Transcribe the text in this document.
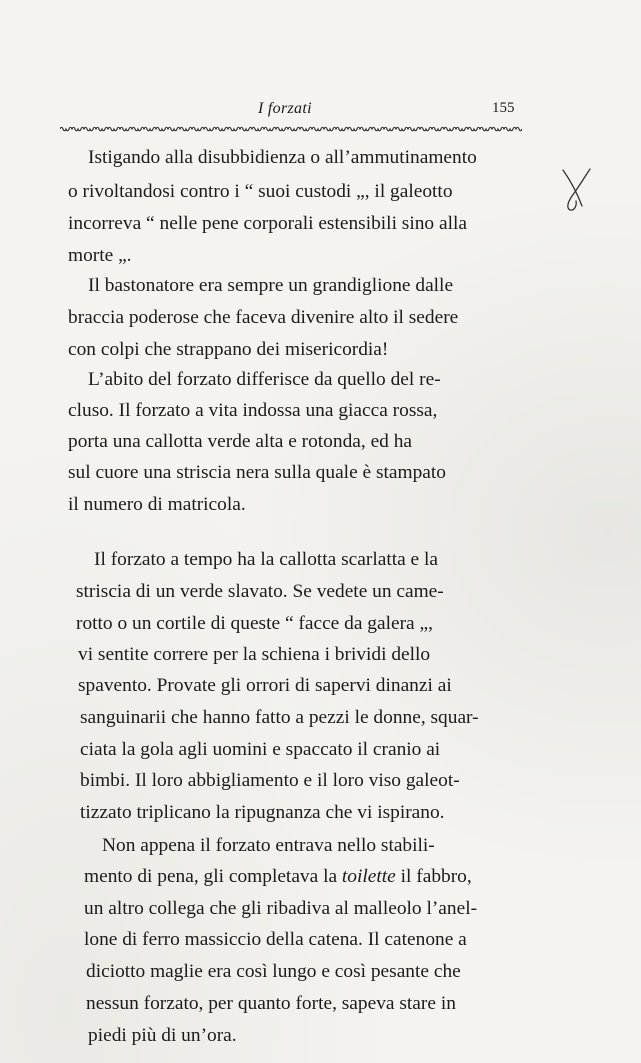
I forzati	155
Istigando alla disubbidienza o all’ammutinamento
o rivoltandosi contro i “ suoi custodi „, il galeotto
incorreva “ nelle pene corporali estensibili sino alla
morte „.
Il bastonatore era sempre un grandiglione dalle
braccia poderose che faceva divenire alto il sedere
con colpi che strappano dei misericordia!
L’abito del forzato differisce da quello del re-
cluso. Il forzato a vita indossa una giacca rossa,
porta una callotta verde alta e rotonda, ed ha
sul cuore una striscia nera sulla quale è stampato
il numero di matricola.
Il forzato a tempo ha la callotta scarlatta e la
striscia di un verde slavato. Se vedete un came-
rotto o un cortile di queste “ facce da galera „,
vi sentite correre per la schiena i brividi dello
spavento. Provate gli orrori di sapervi dinanzi ai
sanguinarii che hanno fatto a pezzi le donne, squar-
ciata la gola agli uomini e spaccato il cranio ai
bimbi. Il loro abbigliamento e il loro viso galeot-
tizzato triplicano la ripugnanza che vi ispirano.
Non appena il forzato entrava nello stabili-
mento di pena, gli completava la toilette il fabbro,
un altro collega che gli ribadiva al malleolo l’anel-
lone di ferro massiccio della catena. Il catenone a
diciotto maglie era così lungo e così pesante che
nessun forzato, per quanto forte, sapeva stare in
piedi più di un’ora.
